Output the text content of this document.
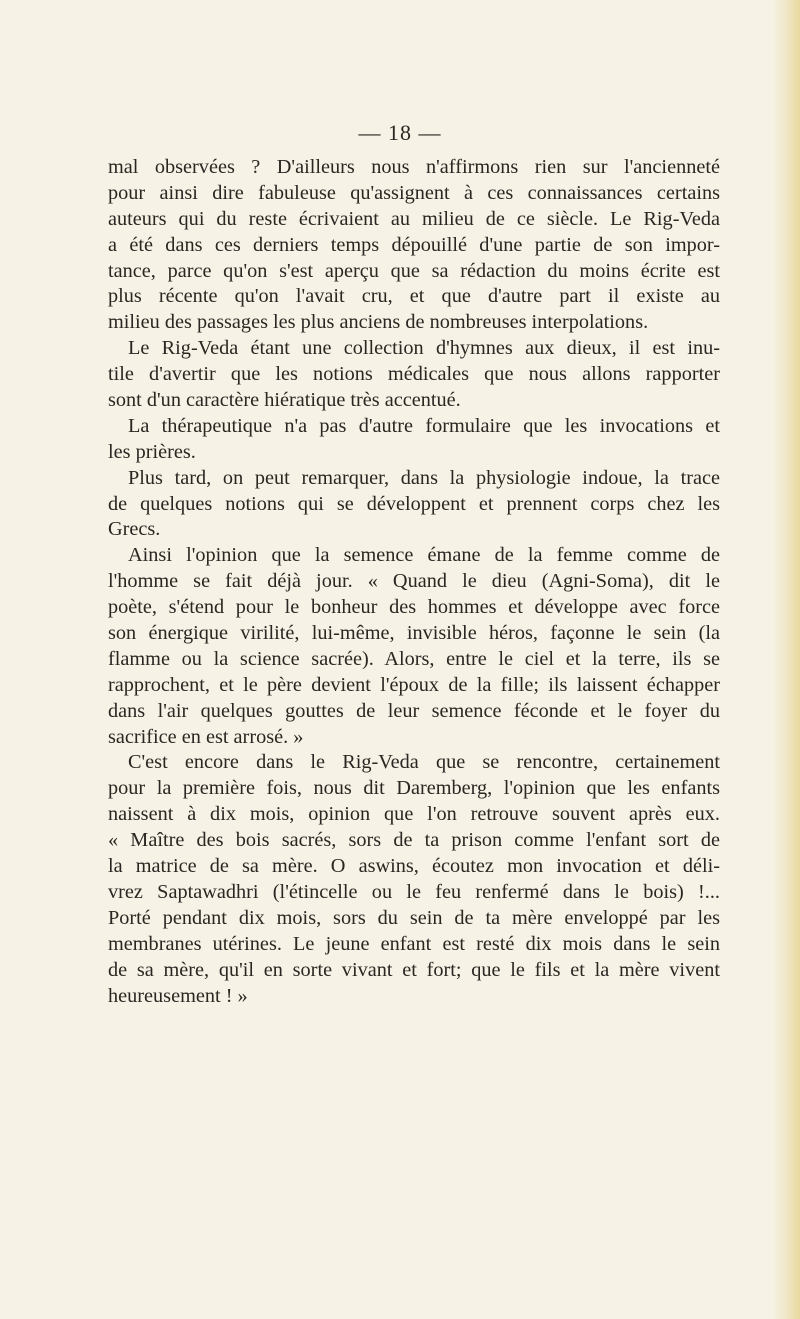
— 18 —
mal observées ? D'ailleurs nous n'affirmons rien sur l'ancienneté
pour ainsi dire fabuleuse qu'assignent à ces connaissances certains
auteurs qui du reste écrivaient au milieu de ce siècle. Le Rig-Veda
a été dans ces derniers temps dépouillé d'une partie de son impor-
tance, parce qu'on s'est aperçu que sa rédaction du moins écrite est
plus récente qu'on l'avait cru, et que d'autre part il existe au
milieu des passages les plus anciens de nombreuses interpolations.
Le Rig-Veda étant une collection d'hymnes aux dieux, il est inu-
tile d'avertir que les notions médicales que nous allons rapporter
sont d'un caractère hiératique très accentué.
La thérapeutique n'a pas d'autre formulaire que les invocations et
les prières.
Plus tard, on peut remarquer, dans la physiologie indoue, la trace
de quelques notions qui se développent et prennent corps chez les
Grecs.
Ainsi l'opinion que la semence émane de la femme comme de
l'homme se fait déjà jour. « Quand le dieu (Agni-Soma), dit le
poète, s'étend pour le bonheur des hommes et développe avec force
son énergique virilité, lui-même, invisible héros, façonne le sein (la
flamme ou la science sacrée). Alors, entre le ciel et la terre, ils se
rapprochent, et le père devient l'époux de la fille; ils laissent échapper
dans l'air quelques gouttes de leur semence féconde et le foyer du
sacrifice en est arrosé. »
C'est encore dans le Rig-Veda que se rencontre, certainement
pour la première fois, nous dit Daremberg, l'opinion que les enfants
naissent à dix mois, opinion que l'on retrouve souvent après eux.
« Maître des bois sacrés, sors de ta prison comme l'enfant sort de
la matrice de sa mère. O aswins, écoutez mon invocation et déli-
vrez Saptawadhri (l'étincelle ou le feu renfermé dans le bois) !...
Porté pendant dix mois, sors du sein de ta mère enveloppé par les
membranes utérines. Le jeune enfant est resté dix mois dans le sein
de sa mère, qu'il en sorte vivant et fort; que le fils et la mère vivent
heureusement ! »
